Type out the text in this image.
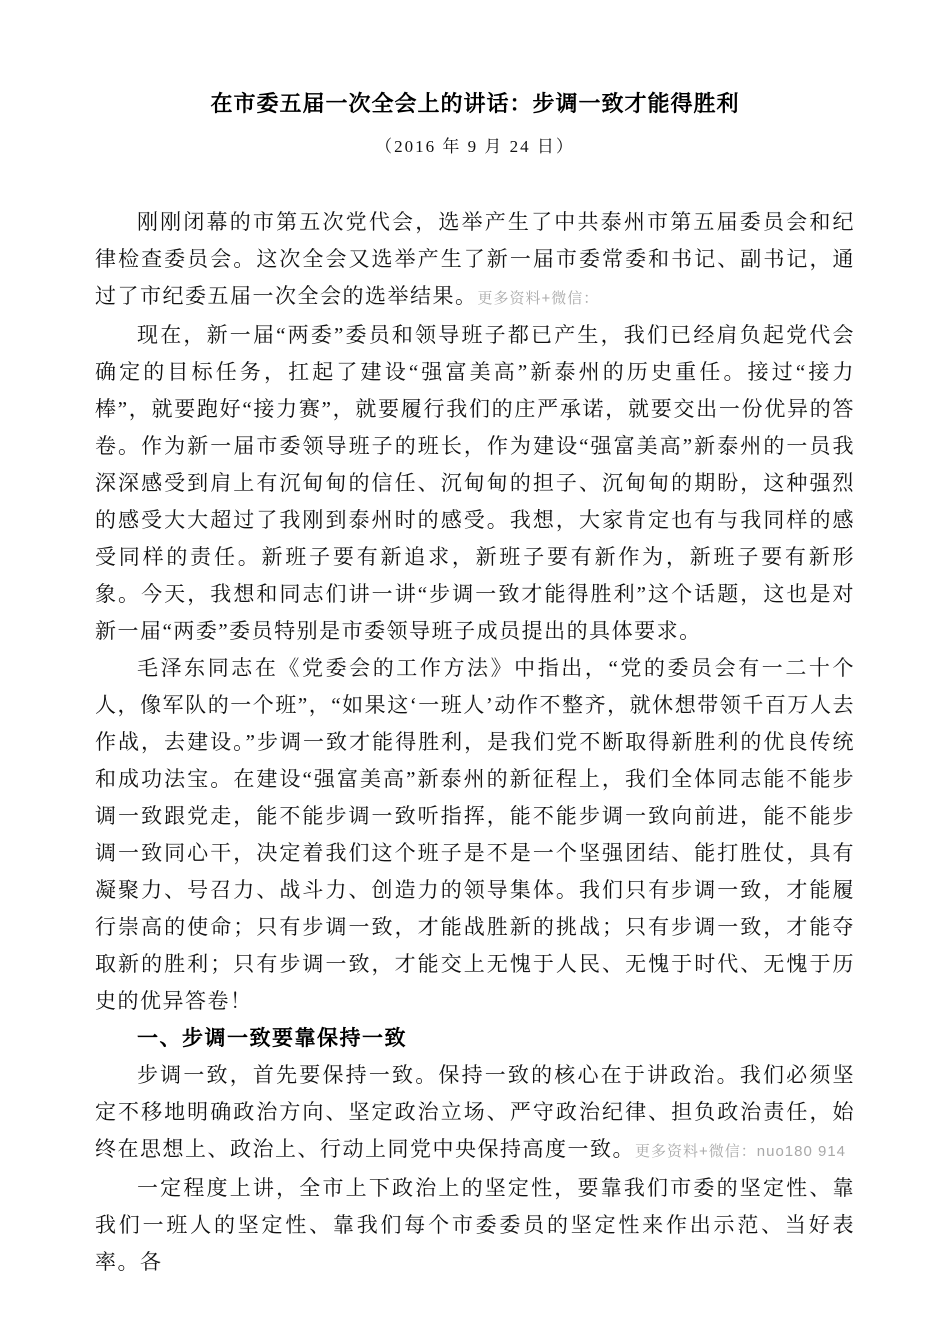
在市委五届一次全会上的讲话：步调一致才能得胜利
（2016 年 9 月 24 日）

刚刚闭幕的市第五次党代会，选举产生了中共泰州市第五届委员会和纪律检查委员会。这次全会又选举产生了新一届市委常委和书记、副书记，通过了市纪委五届一次全会的选举结果。更多资料+微信：

现在，新一届“两委”委员和领导班子都已产生，我们已经肩负起党代会确定的目标任务，扛起了建设“强富美高”新泰州的历史重任。接过“接力棒”，就要跑好“接力赛”，就要履行我们的庄严承诺，就要交出一份优异的答卷。作为新一届市委领导班子的班长，作为建设“强富美高”新泰州的一员我深深感受到肩上有沉甸甸的信任、沉甸甸的担子、沉甸甸的期盼，这种强烈的感受大大超过了我刚到泰州时的感受。我想，大家肯定也有与我同样的感受同样的责任。新班子要有新追求，新班子要有新作为，新班子要有新形象。今天，我想和同志们讲一讲“步调一致才能得胜利”这个话题，这也是对新一届“两委”委员特别是市委领导班子成员提出的具体要求。

毛泽东同志在《党委会的工作方法》中指出，“党的委员会有一二十个人，像军队的一个班”，“如果这‘一班人’动作不整齐，就休想带领千百万人去作战，去建设。”步调一致才能得胜利，是我们党不断取得新胜利的优良传统和成功法宝。在建设“强富美高”新泰州的新征程上，我们全体同志能不能步调一致跟党走，能不能步调一致听指挥，能不能步调一致向前进，能不能步调一致同心干，决定着我们这个班子是不是一个坚强团结、能打胜仗，具有凝聚力、号召力、战斗力、创造力的领导集体。我们只有步调一致，才能履行崇高的使命；只有步调一致，才能战胜新的挑战；只有步调一致，才能夺取新的胜利；只有步调一致，才能交上无愧于人民、无愧于时代、无愧于历史的优异答卷！

一、步调一致要靠保持一致

步调一致，首先要保持一致。保持一致的核心在于讲政治。我们必须坚定不移地明确政治方向、坚定政治立场、严守政治纪律、担负政治责任，始终在思想上、政治上、行动上同党中央保持高度一致。更多资料+微信：nuo180 914

一定程度上讲，全市上下政治上的坚定性，要靠我们市委的坚定性、靠我们一班人的坚定性、靠我们每个市委委员的坚定性来作出示范、当好表率。各
